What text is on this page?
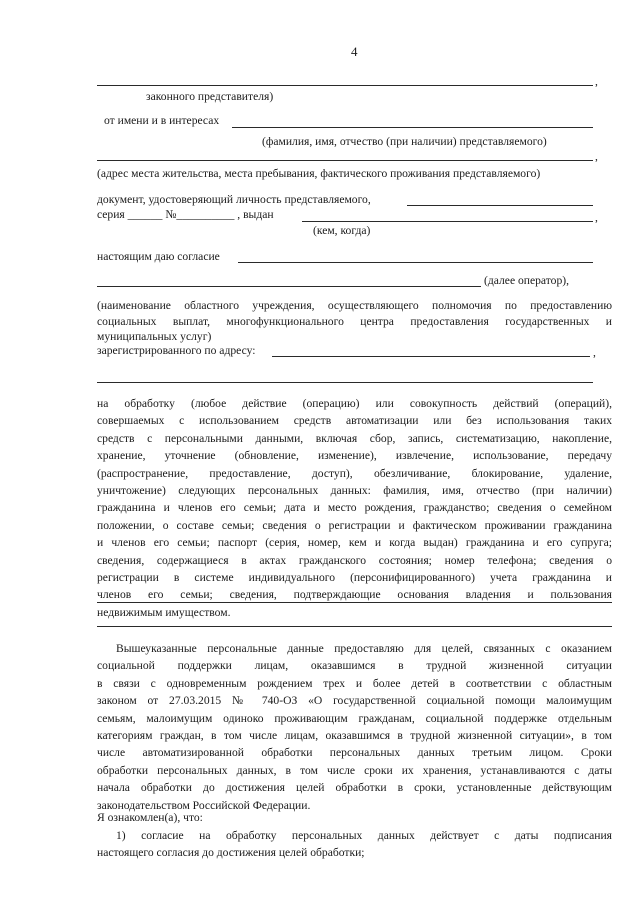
4
,
законного представителя)
от имени и в интересах
(фамилия, имя, отчество (при наличии) представляемого)
,
(адрес места жительства, места пребывания, фактического проживания представляемого)
документ, удостоверяющий личность представляемого,
серия ______ №__________ , выдан	,
(кем, когда)
настоящим даю согласие
(далее оператор),
(наименование областного учреждения, осуществляющего полномочия по предоставлению
социальных выплат, многофункционального центра предоставления государственных и
муниципальных услуг)
зарегистрированного по адресу:	,
на обработку (любое действие (операцию) или совокупность действий (операций),
совершаемых с использованием средств автоматизации или без использования таких
средств с персональными данными, включая сбор, запись, систематизацию, накопление,
хранение, уточнение (обновление, изменение), извлечение, использование, передачу
(распространение, предоставление, доступ), обезличивание, блокирование, удаление,
уничтожение) следующих персональных данных: фамилия, имя, отчество (при наличии)
гражданина и членов его семьи; дата и место рождения, гражданство; сведения о семейном
положении, о составе семьи; сведения о регистрации и фактическом проживании гражданина
и членов его семьи; паспорт (серия, номер, кем и когда выдан) гражданина и его супруга;
сведения, содержащиеся в актах гражданского состояния; номер телефона; сведения о
регистрации в системе индивидуального (персонифицированного) учета гражданина и
членов его семьи; сведения, подтверждающие основания владения и пользования
недвижимым имуществом.
Вышеуказанные персональные данные предоставляю для целей, связанных с оказанием
социальной поддержки лицам, оказавшимся в трудной жизненной ситуации
в связи с одновременным рождением трех и более детей в соответствии с областным
законом от 27.03.2015 № 740-ОЗ «О государственной социальной помощи малоимущим
семьям, малоимущим одиноко проживающим гражданам, социальной поддержке отдельным
категориям граждан, в том числе лицам, оказавшимся в трудной жизненной ситуации», в том
числе автоматизированной обработки персональных данных третьим лицом. Сроки
обработки персональных данных, в том числе сроки их хранения, устанавливаются с даты
начала обработки до достижения целей обработки в сроки, установленные действующим
законодательством Российской Федерации.
Я ознакомлен(а), что:
1) согласие на обработку персональных данных действует с даты подписания
настоящего согласия до достижения целей обработки;
